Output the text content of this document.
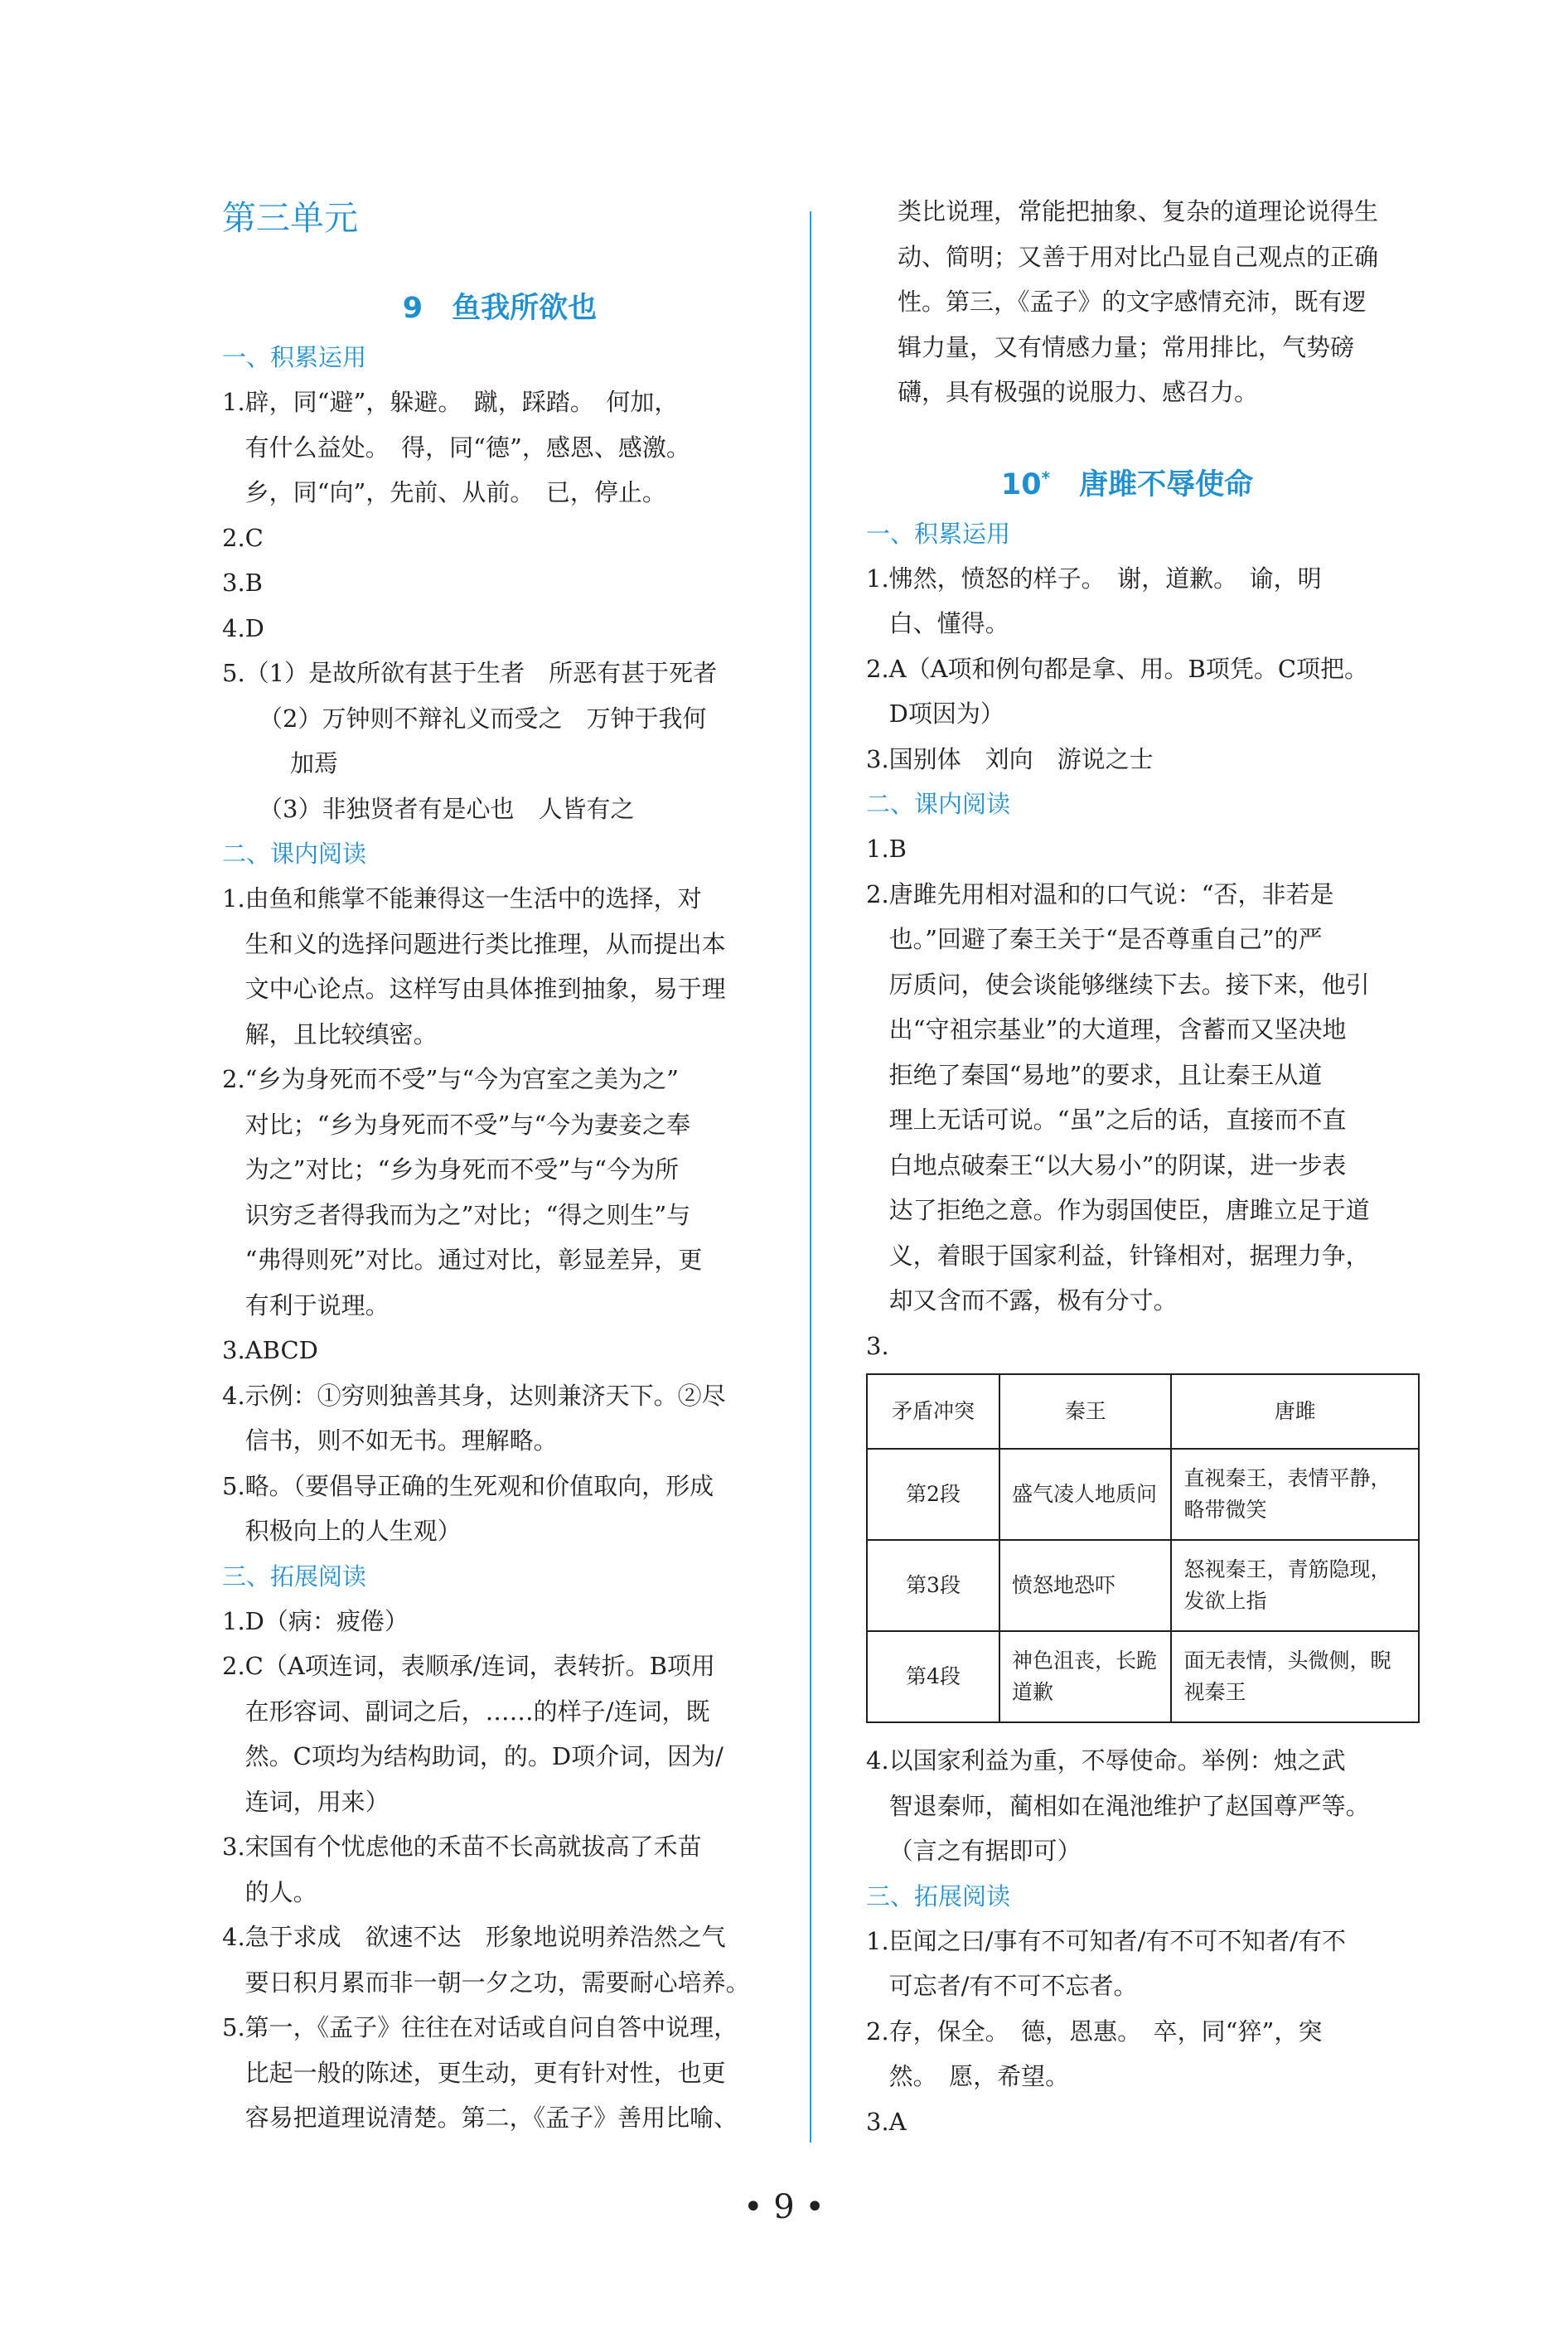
第三单元
9　 鱼我所欲也
一、积累运用
1. 辟，同“避”，躲避。　蹴，踩踏。　何加，
有什么益处。　得，同“德”，感恩、感激。
乡，同“向”，先前、从前。　已，停止。
2. C
3. B
4. D
5. （1）是故所欲有甚于生者　所恶有甚于死者
（2）万钟则不辩礼义而受之　万钟于我何
加焉
（3）非独贤者有是心也　人皆有之
二、课内阅读
1. 由鱼和熊掌不能兼得这一生活中的选择，对
生和义的选择问题进行类比推理，从而提出本
文中心论点。这样写由具体推到抽象，易于理
解，且比较缜密。
2. “乡为身死而不受”与“今为宫室之美为之”
对比；“乡为身死而不受”与“今为妻妾之奉
为之”对比；“乡为身死而不受”与“今为所
识穷乏者得我而为之”对比；“得之则生”与
“弗得则死”对比。通过对比，彰显差异，更
有利于说理。
3. ABCD
4. 示例：①穷则独善其身，达则兼济天下。②尽
信书，则不如无书。理解略。
5. 略。（要倡导正确的生死观和价值取向，形成
积极向上的人生观）
三、拓展阅读
1. D（病：疲倦）
2. C（A项连词，表顺承/连词，表转折。B项用
在形容词、副词之后，……的样子/连词，既
然。C项均为结构助词，的。D项介词，因为/
连词，用来）
3. 宋国有个忧虑他的禾苗不长高就拔高了禾苗
的人。
4. 急于求成　欲速不达　形象地说明养浩然之气
要日积月累而非一朝一夕之功，需要耐心培养。
5. 第一，《孟子》往往在对话或自问自答中说理，
比起一般的陈述，更生动，更有针对性，也更
容易把道理说清楚。第二，《孟子》善用比喻、
类比说理，常能把抽象、复杂的道理论说得生
动、简明；又善于用对比凸显自己观点的正确
性。第三，《孟子》的文字感情充沛，既有逻
辑力量，又有情感力量；常用排比，气势磅
礴，具有极强的说服力、感召力。
10*　 唐雎不辱使命
一、积累运用
1. 怫然，愤怒的样子。　谢，道歉。　谕，明
白、懂得。
2. A（A项和例句都是拿、用。B项凭。C项把。
D项因为）
3. 国别体　刘向　游说之士
二、课内阅读
1. B
2. 唐雎先用相对温和的口气说：“否，非若是
也。”回避了秦王关于“是否尊重自己”的严
厉质问，使会谈能够继续下去。接下来，他引
出“守祖宗基业”的大道理，含蓄而又坚决地
拒绝了秦国“易地”的要求，且让秦王从道
理上无话可说。“虽”之后的话，直接而不直
白地点破秦王“以大易小”的阴谋，进一步表
达了拒绝之意。作为弱国使臣，唐雎立足于道
义，着眼于国家利益，针锋相对，据理力争，
却又含而不露，极有分寸。
3.
矛盾冲突	秦王	唐雎
第2段	盛气凌人地质问	直视秦王，表情平静，略带微笑
第3段	愤怒地恐吓	怒视秦王，青筋隐现，发欲上指
第4段	神色沮丧，长跪道歉	面无表情，头微侧，睨视秦王
4. 以国家利益为重，不辱使命。举例：烛之武
智退秦师，蔺相如在渑池维护了赵国尊严等。
（言之有据即可）
三、拓展阅读
1. 臣闻之曰/事有不可知者/有不可不知者/有不
可忘者/有不可不忘者。
2. 存，保全。　德，恩惠。　卒，同“猝”，突
然。　愿，希望。
3. A
• 9 •
